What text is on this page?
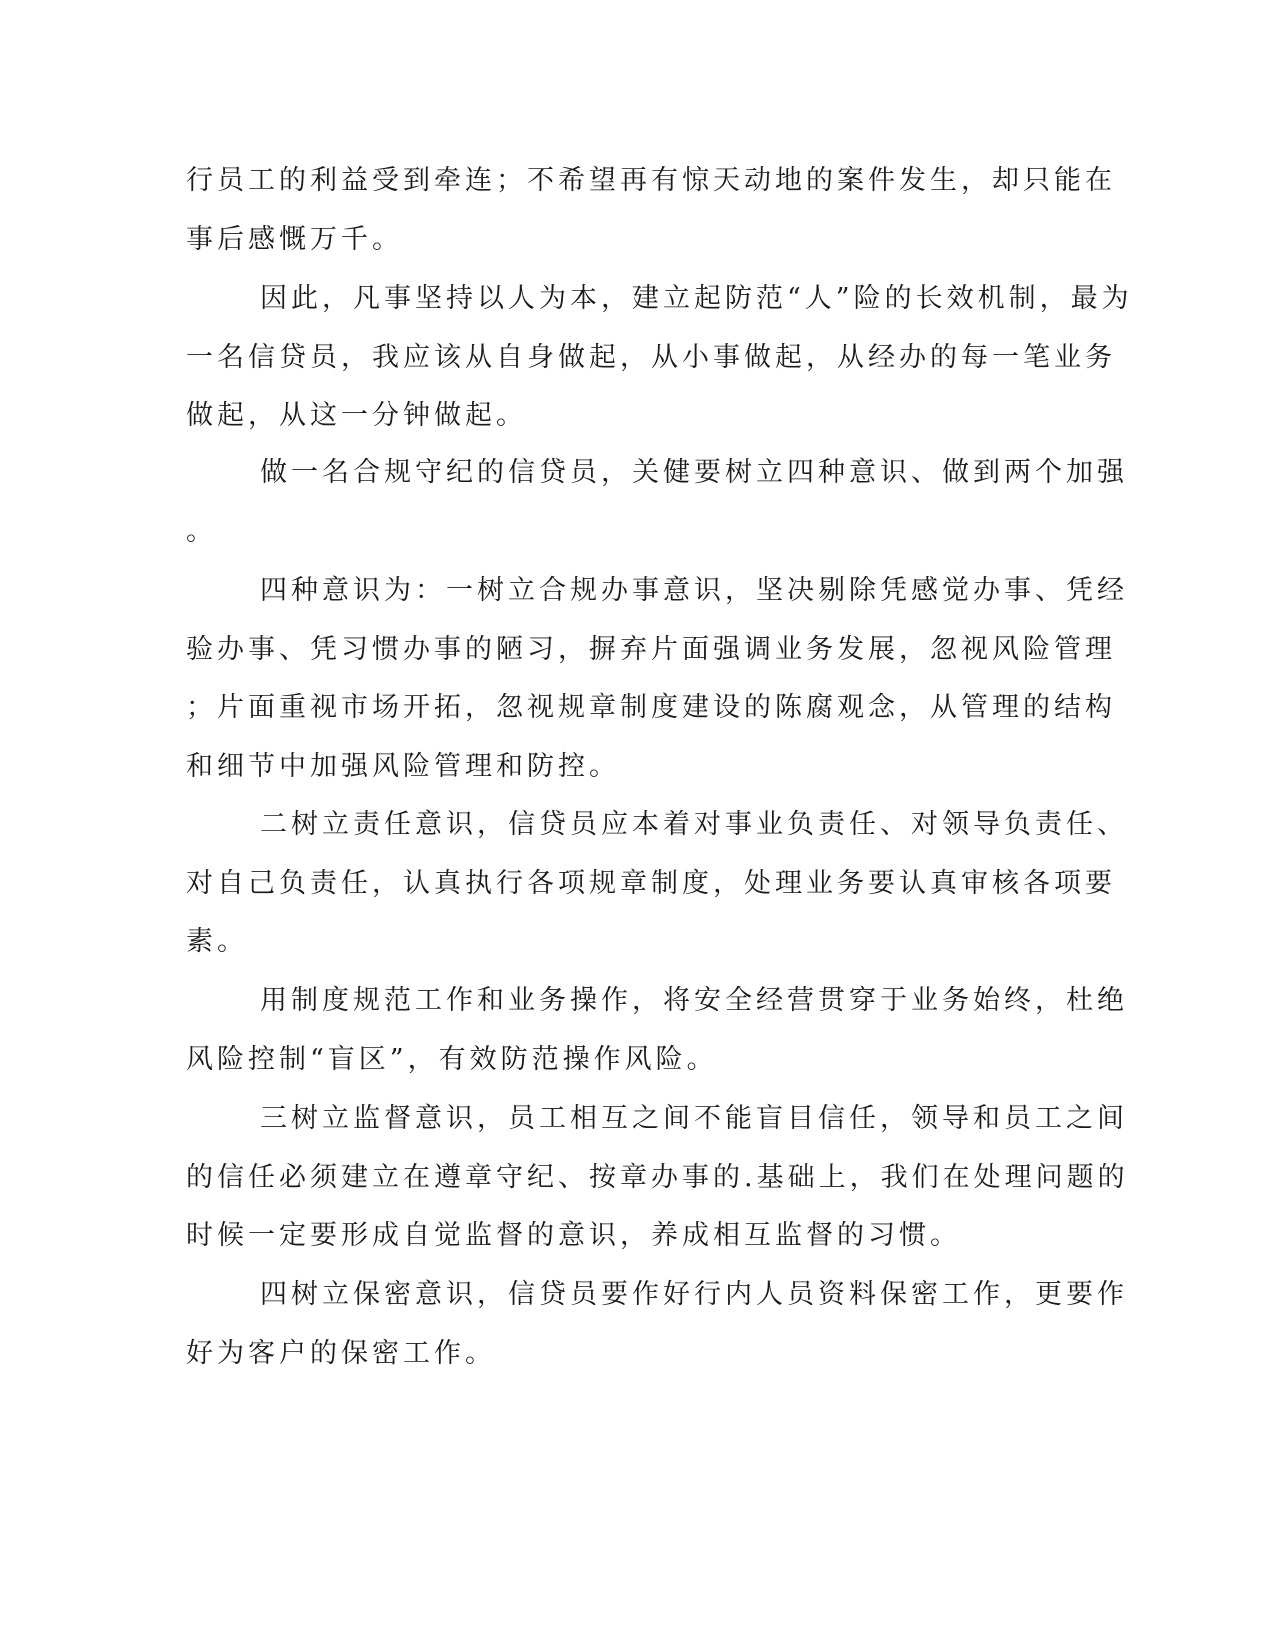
行员工的利益受到牵连；不希望再有惊天动地的案件发生，却只能在
事后感慨万千。
因此，凡事坚持以人为本，建立起防范“人”险的长效机制，最为
一名信贷员，我应该从自身做起，从小事做起，从经办的每一笔业务
做起，从这一分钟做起。
做一名合规守纪的信贷员，关健要树立四种意识、做到两个加强
。
四种意识为：一树立合规办事意识，坚决剔除凭感觉办事、凭经
验办事、凭习惯办事的陋习，摒弃片面强调业务发展，忽视风险管理
；片面重视市场开拓，忽视规章制度建设的陈腐观念，从管理的结构
和细节中加强风险管理和防控。
二树立责任意识，信贷员应本着对事业负责任、对领导负责任、
对自己负责任，认真执行各项规章制度，处理业务要认真审核各项要
素。
用制度规范工作和业务操作，将安全经营贯穿于业务始终，杜绝
风险控制“盲区”，有效防范操作风险。
三树立监督意识，员工相互之间不能盲目信任，领导和员工之间
的信任必须建立在遵章守纪、按章办事的.基础上，我们在处理问题的
时候一定要形成自觉监督的意识，养成相互监督的习惯。
四树立保密意识，信贷员要作好行内人员资料保密工作，更要作
好为客户的保密工作。
